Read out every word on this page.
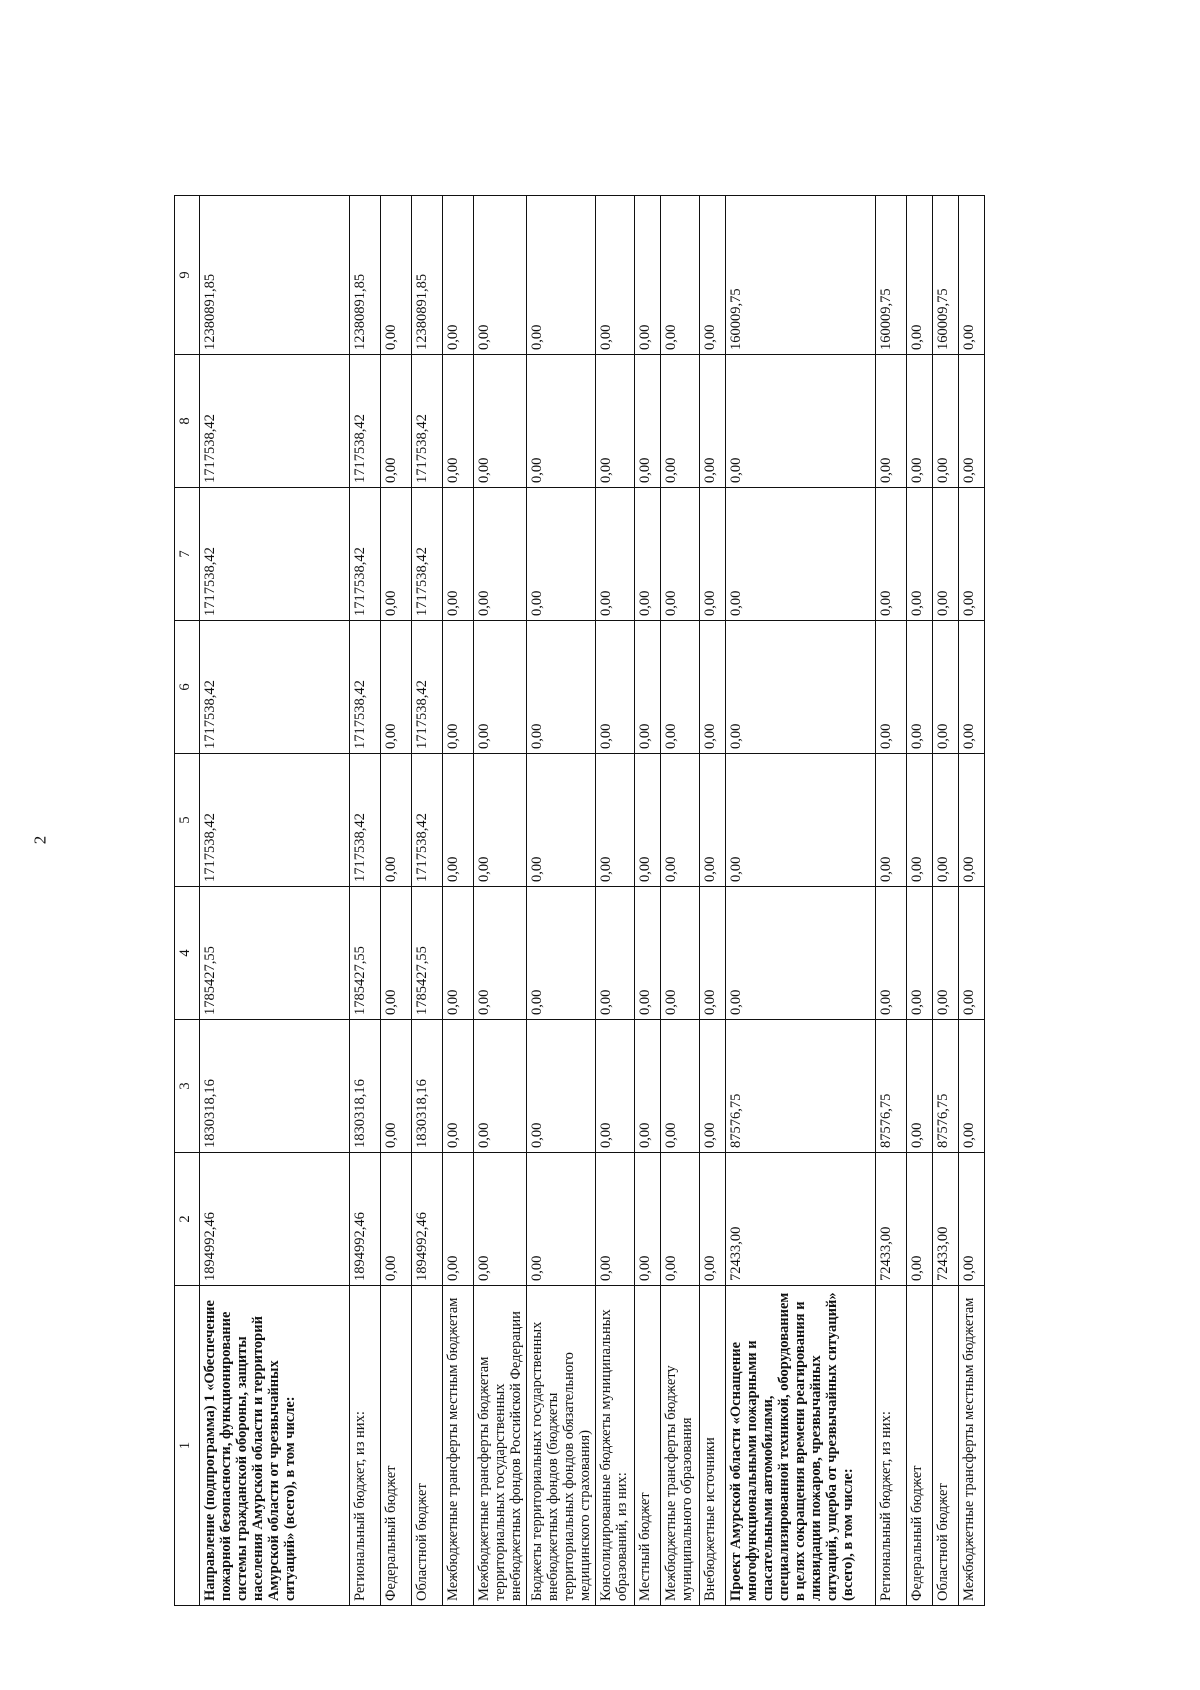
2
1	2	3	4	5	6	7	8	9
Направление (подпрограмма) 1 «Обеспечение пожарной безопасности, функционирование системы гражданской обороны, защиты населения Амурской области и территорий Амурской области от чрезвычайных ситуаций» (всего), в том числе:	1894992,46	1830318,16	1785427,55	1717538,42	1717538,42	1717538,42	1717538,42	12380891,85
Региональный бюджет, из них:	1894992,46	1830318,16	1785427,55	1717538,42	1717538,42	1717538,42	1717538,42	12380891,85
Федеральный бюджет	0,00	0,00	0,00	0,00	0,00	0,00	0,00	0,00
Областной бюджет	1894992,46	1830318,16	1785427,55	1717538,42	1717538,42	1717538,42	1717538,42	12380891,85
Межбюджетные трансферты местным бюджетам	0,00	0,00	0,00	0,00	0,00	0,00	0,00	0,00
Межбюджетные трансферты бюджетам территориальных государственных внебюджетных фондов Российской Федерации	0,00	0,00	0,00	0,00	0,00	0,00	0,00	0,00
Бюджеты территориальных государственных внебюджетных фондов (бюджеты территориальных фондов обязательного медицинского страхования)	0,00	0,00	0,00	0,00	0,00	0,00	0,00	0,00
Консолидированные бюджеты муниципальных образований, из них:	0,00	0,00	0,00	0,00	0,00	0,00	0,00	0,00
Местный бюджет	0,00	0,00	0,00	0,00	0,00	0,00	0,00	0,00
Межбюджетные трансферты бюджету муниципального образования	0,00	0,00	0,00	0,00	0,00	0,00	0,00	0,00
Внебюджетные источники	0,00	0,00	0,00	0,00	0,00	0,00	0,00	0,00
Проект Амурской области «Оснащение многофункциональными пожарными и спасательными автомобилями, специализированной техникой, оборудованием в целях сокращения времени реагирования и ликвидации пожаров, чрезвычайных ситуаций, ущерба от чрезвычайных ситуаций» (всего), в том числе:	72433,00	87576,75	0,00	0,00	0,00	0,00	0,00	160009,75
Региональный бюджет, из них:	72433,00	87576,75	0,00	0,00	0,00	0,00	0,00	160009,75
Федеральный бюджет	0,00	0,00	0,00	0,00	0,00	0,00	0,00	0,00
Областной бюджет	72433,00	87576,75	0,00	0,00	0,00	0,00	0,00	160009,75
Межбюджетные трансферты местным бюджетам	0,00	0,00	0,00	0,00	0,00	0,00	0,00	0,00
